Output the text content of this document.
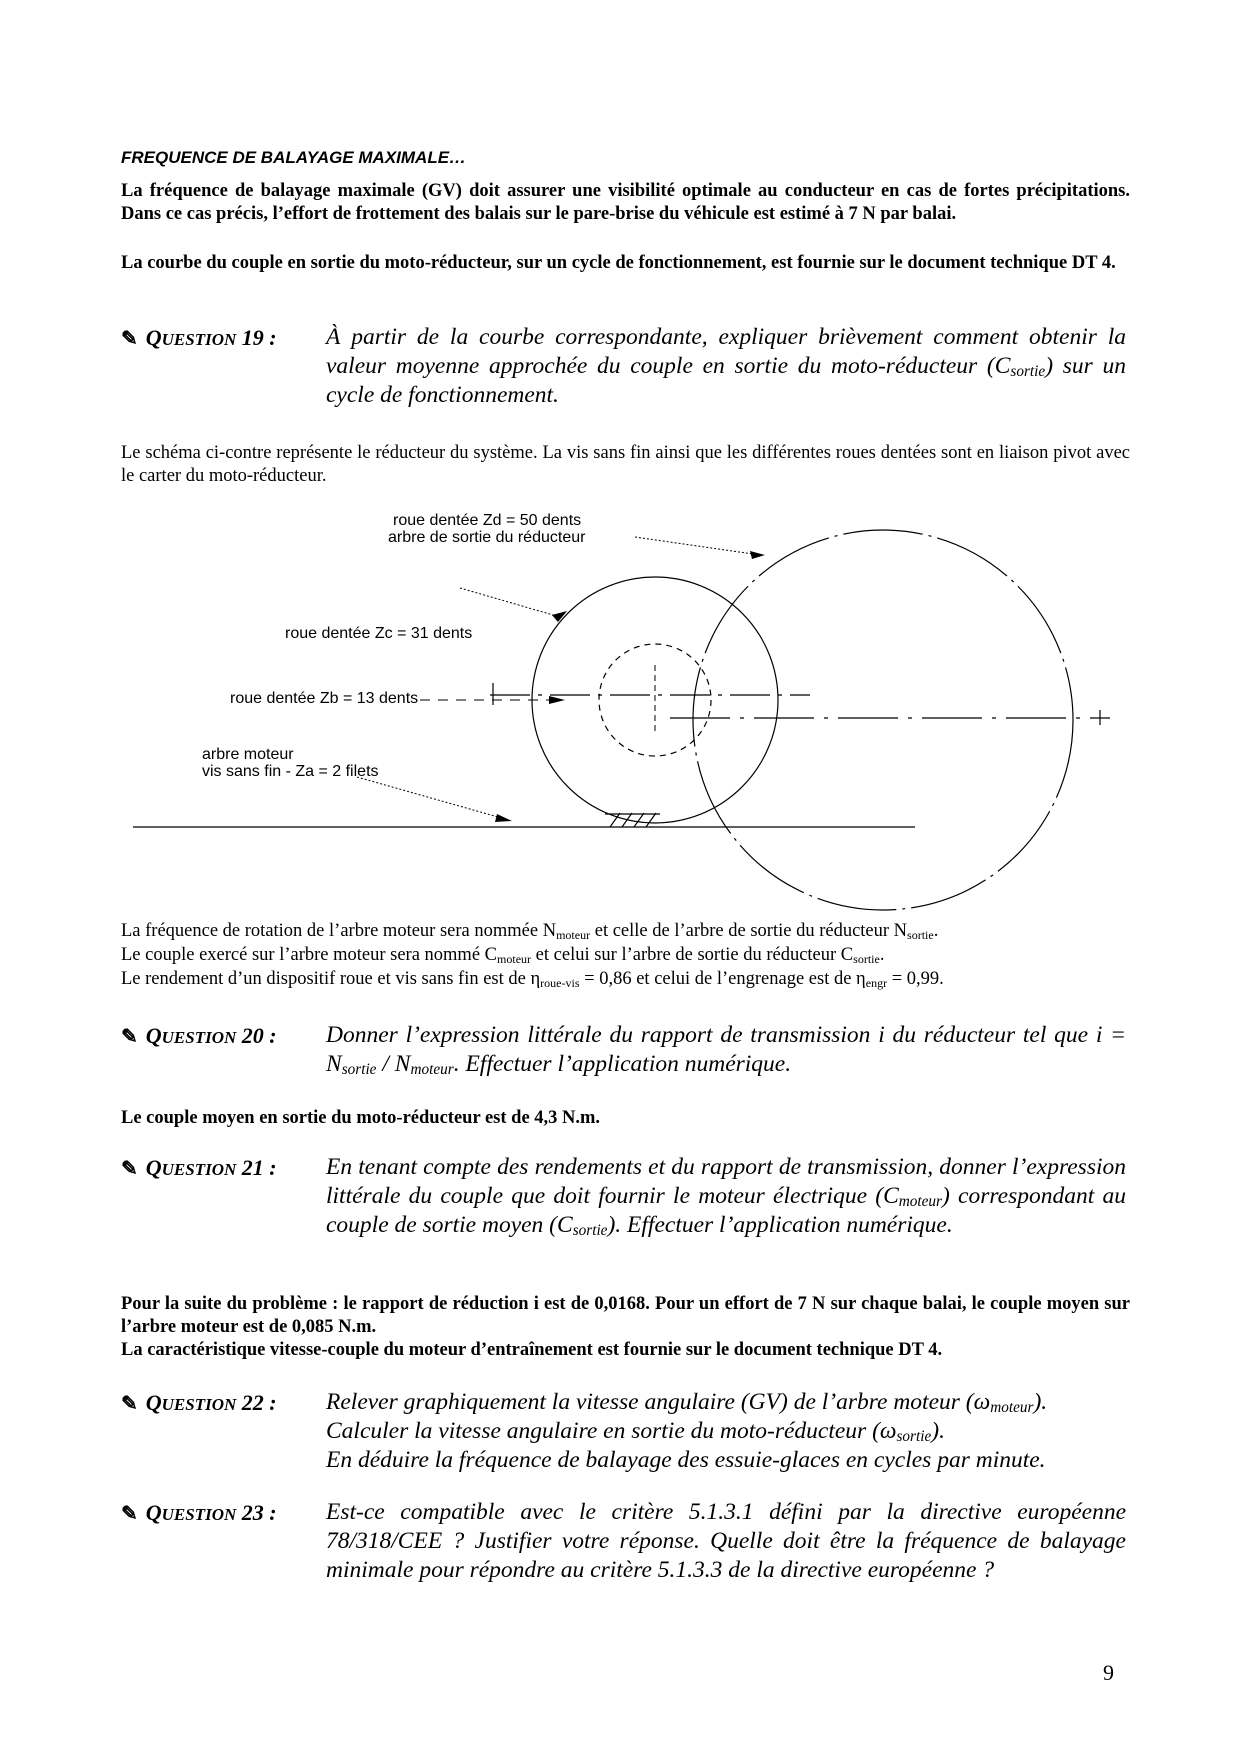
FREQUENCE DE BALAYAGE MAXIMALE…
La fréquence de balayage maximale (GV) doit assurer une visibilité optimale au conducteur en cas de fortes précipitations. Dans ce cas précis, l’effort de frottement des balais sur le pare-brise du véhicule est estimé à 7 N par balai.
La courbe du couple en sortie du moto-réducteur, sur un cycle de fonctionnement, est fournie sur le document technique DT 4.
✎ QUESTION 19 : À partir de la courbe correspondante, expliquer brièvement comment obtenir la valeur moyenne approchée du couple en sortie du moto-réducteur $(C_{sortie})$ sur un cycle de fonctionnement.
Le schéma ci-contre représente le réducteur du système. La vis sans fin ainsi que les différentes roues dentées sont en liaison pivot avec le carter du moto-réducteur.
roue dentée Zd = 50 dents
arbre de sortie du réducteur
roue dentée Zc = 31 dents
roue dentée Zb = 13 dents
arbre moteur
vis sans fin - Za = 2 filets
La fréquence de rotation de l’arbre moteur sera nommée $N_{moteur}$ et celle de l’arbre de sortie du réducteur $N_{sortie}$.
Le couple exercé sur l’arbre moteur sera nommé $C_{moteur}$ et celui sur l’arbre de sortie du réducteur $C_{sortie}$.
Le rendement d’un dispositif roue et vis sans fin est de $\eta_{roue-vis} = 0,86$ et celui de l’engrenage est de $\eta_{engr} = 0,99$.
✎ QUESTION 20 : Donner l’expression littérale du rapport de transmission i du réducteur tel que $i = N_{sortie} / N_{moteur}$. Effectuer l’application numérique.
Le couple moyen en sortie du moto-réducteur est de 4,3 N.m.
✎ QUESTION 21 : En tenant compte des rendements et du rapport de transmission, donner l’expression littérale du couple que doit fournir le moteur électrique $(C_{moteur})$ correspondant au couple de sortie moyen $(C_{sortie})$. Effectuer l’application numérique.
Pour la suite du problème : le rapport de réduction i est de 0,0168. Pour un effort de 7 N sur chaque balai, le couple moyen sur l’arbre moteur est de 0,085 N.m.
La caractéristique vitesse-couple du moteur d’entraînement est fournie sur le document technique DT 4.
✎ QUESTION 22 : Relever graphiquement la vitesse angulaire (GV) de l’arbre moteur $(\omega_{moteur})$.
Calculer la vitesse angulaire en sortie du moto-réducteur $(\omega_{sortie})$.
En déduire la fréquence de balayage des essuie-glaces en cycles par minute.
✎ QUESTION 23 : Est-ce compatible avec le critère 5.1.3.1 défini par la directive européenne 78/318/CEE ? Justifier votre réponse. Quelle doit être la fréquence de balayage minimale pour répondre au critère 5.1.3.3 de la directive européenne ?
9
